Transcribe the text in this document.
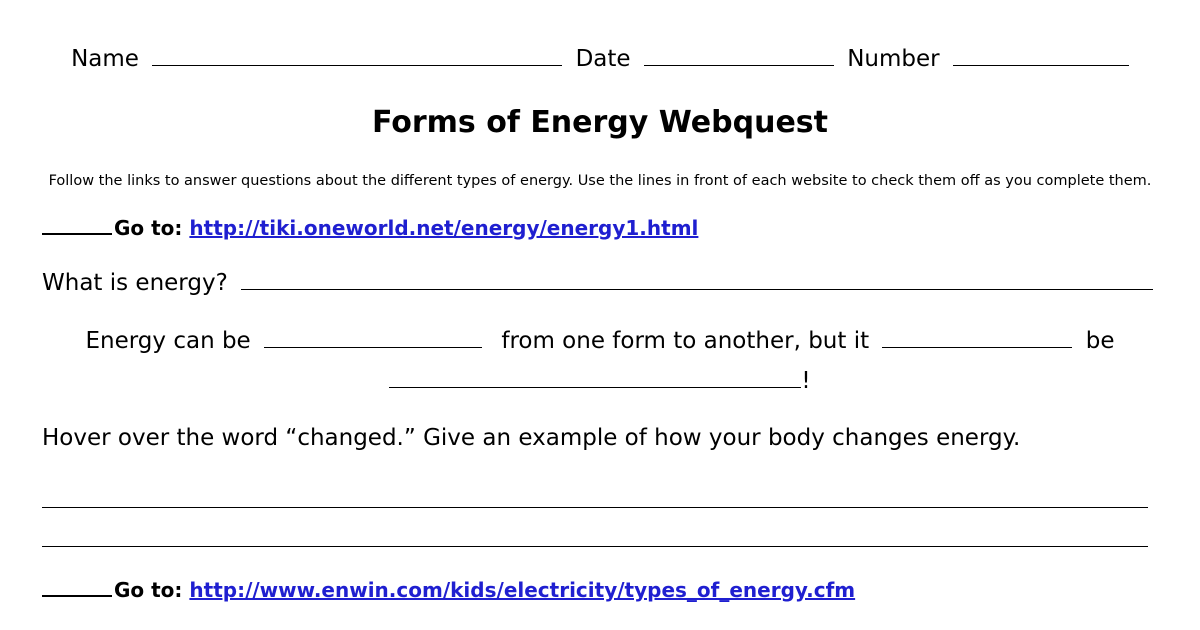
Name	Date	Number
Forms of Energy Webquest
Follow the links to answer questions about the different types of energy. Use the lines in front of each website to check them off as you complete them.
Go to: http://tiki.oneworld.net/energy/energy1.html
What is energy?
Energy can be	from one form to another, but it	be
!
Hover over the word “changed.” Give an example of how your body changes energy.
Go to: http://www.enwin.com/kids/electricity/types_of_energy.cfm
